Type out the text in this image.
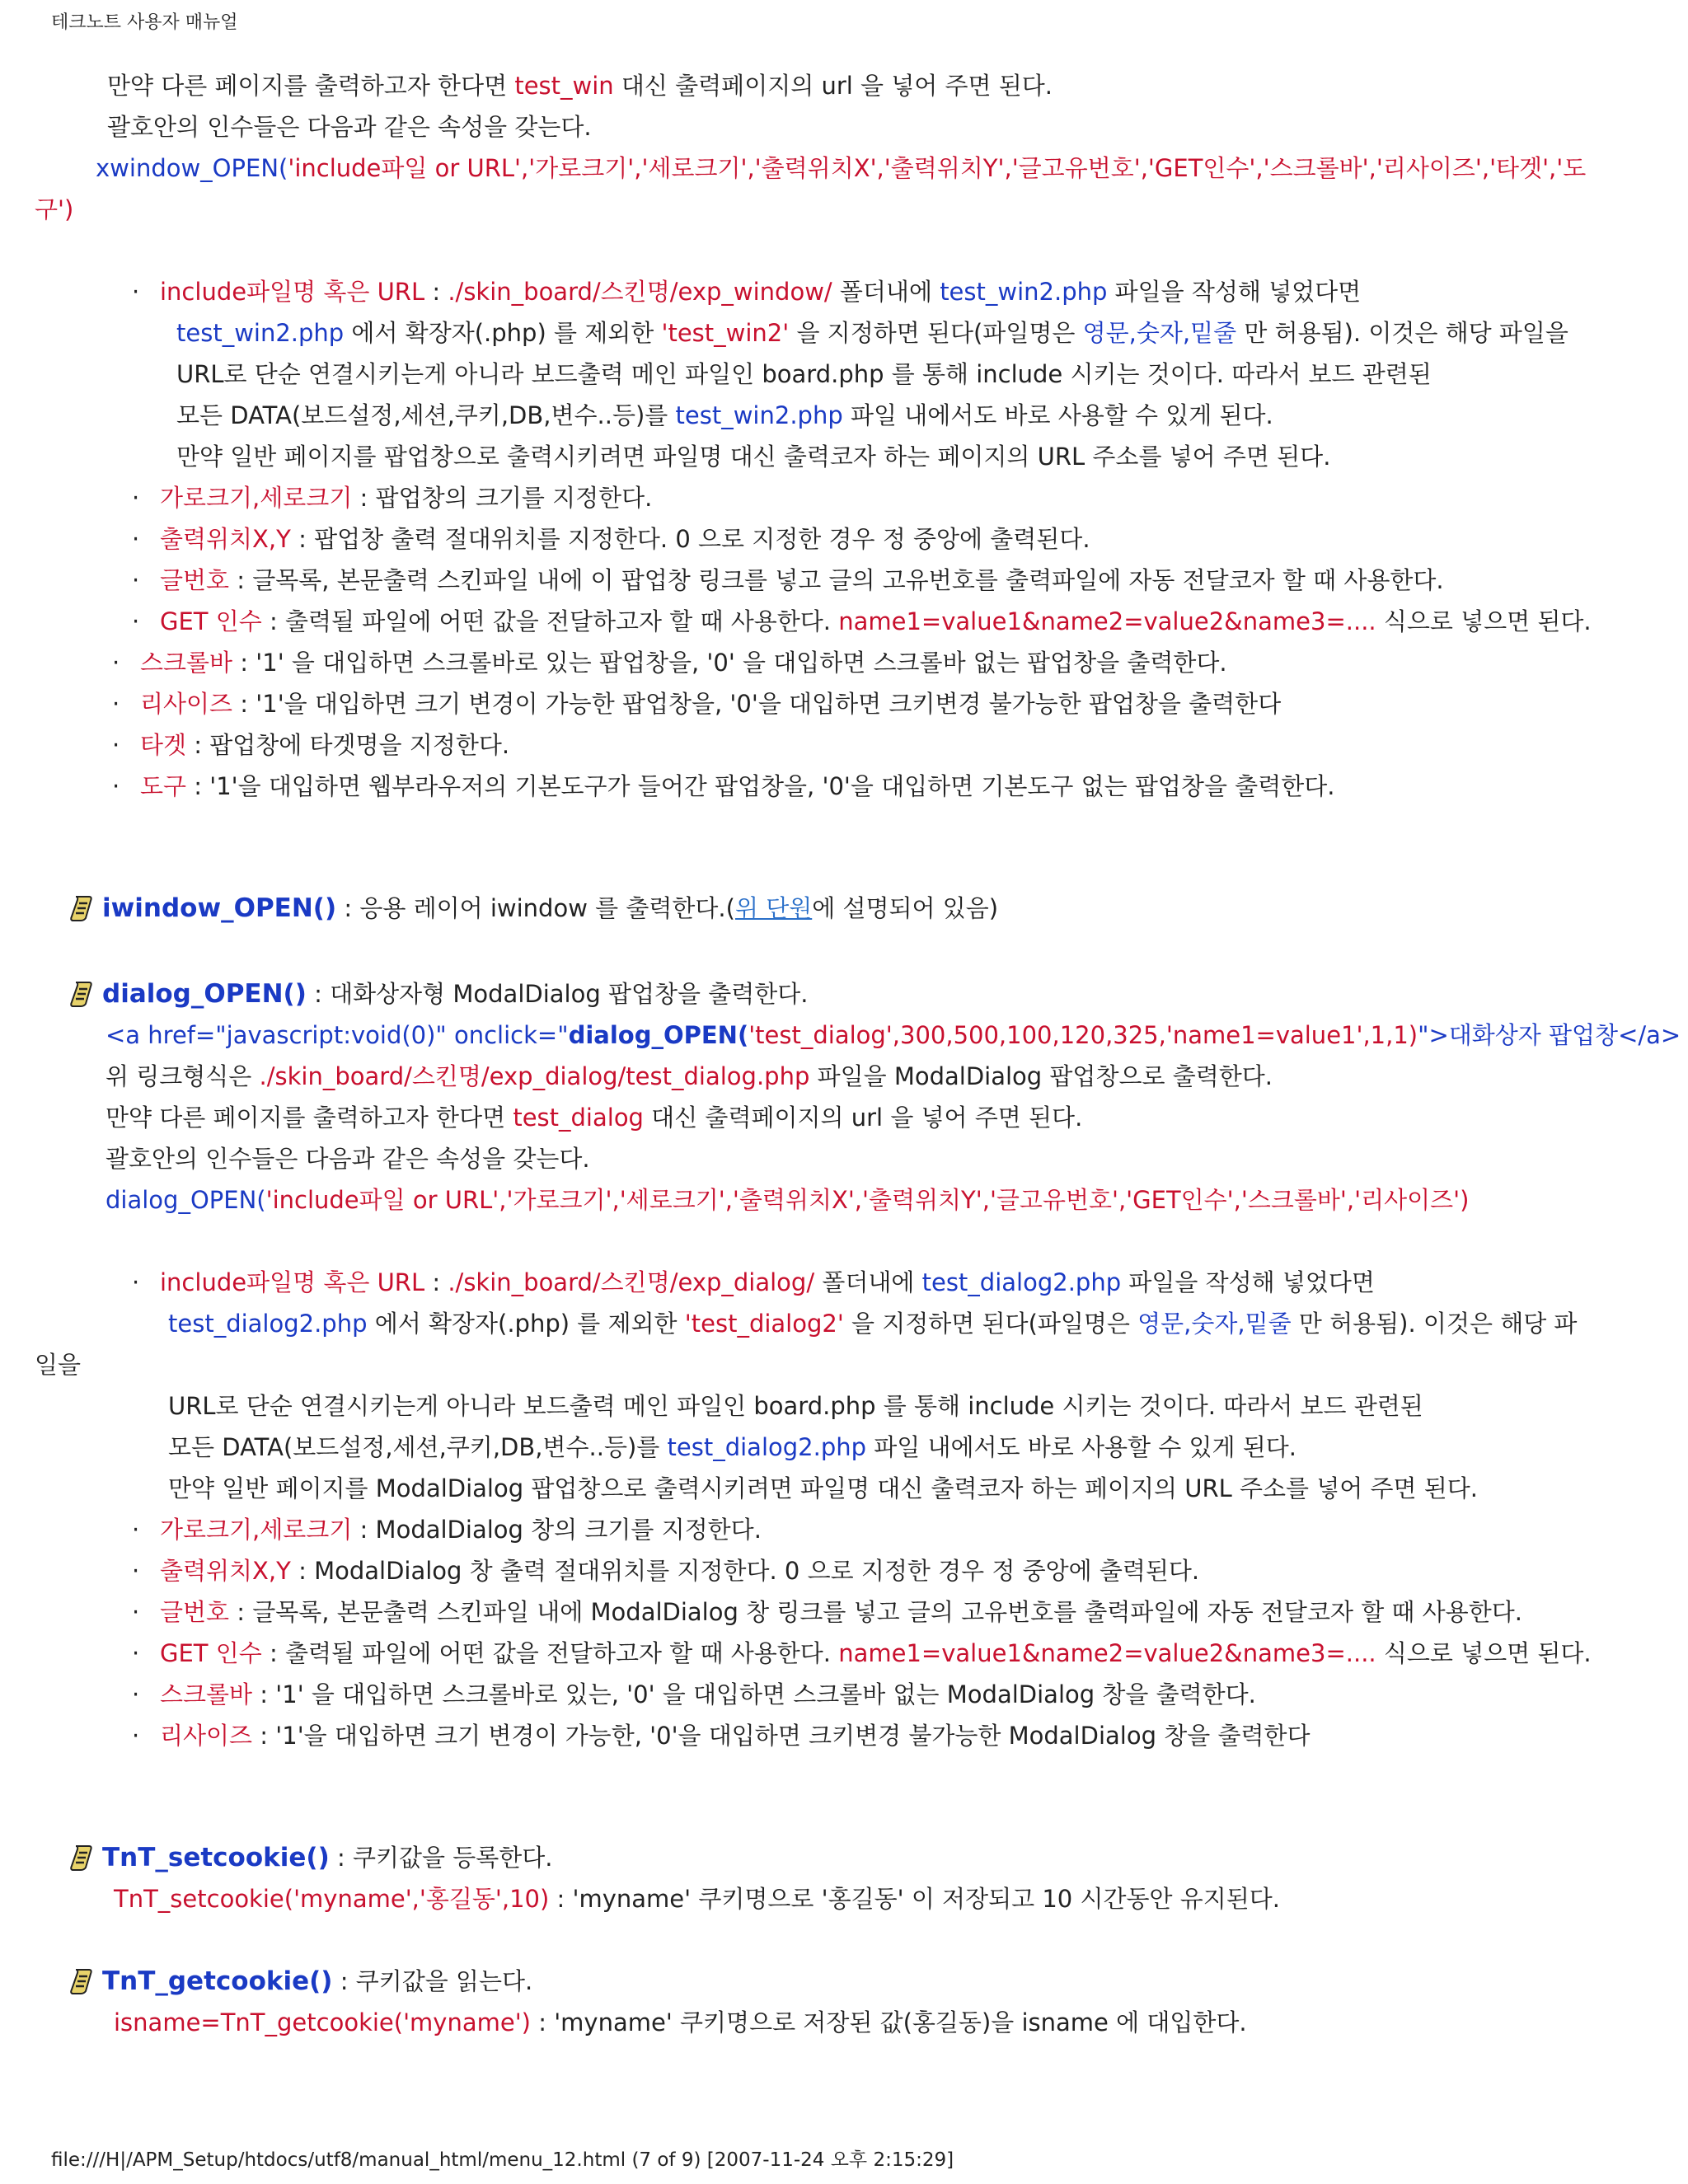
테크노트 사용자 매뉴얼
만약 다른 페이지를 출력하고자 한다면 test_win 대신 출력페이지의 url 을 넣어 주면 된다.
괄호안의 인수들은 다음과 같은 속성을 갖는다.
xwindow_OPEN('include파일 or URL','가로크기','세로크기','출력위치X','출력위치Y','글고유번호','GET인수','스크롤바','리사이즈','타겟','도
구')
· include파일명 혹은 URL : ./skin_board/스킨명/exp_window/ 폴더내에 test_win2.php 파일을 작성해 넣었다면
test_win2.php 에서 확장자(.php) 를 제외한 'test_win2' 을 지정하면 된다(파일명은 영문,숫자,밑줄 만 허용됨). 이것은 해당 파일을
URL로 단순 연결시키는게 아니라 보드출력 메인 파일인 board.php 를 통해 include 시키는 것이다. 따라서 보드 관련된
모든 DATA(보드설정,세션,쿠키,DB,변수..등)를 test_win2.php 파일 내에서도 바로 사용할 수 있게 된다.
만약 일반 페이지를 팝업창으로 출력시키려면 파일명 대신 출력코자 하는 페이지의 URL 주소를 넣어 주면 된다.
· 가로크기,세로크기 : 팝업창의 크기를 지정한다.
· 출력위치X,Y : 팝업창 출력 절대위치를 지정한다. 0 으로 지정한 경우 정 중앙에 출력된다.
· 글번호 : 글목록, 본문출력 스킨파일 내에 이 팝업창 링크를 넣고 글의 고유번호를 출력파일에 자동 전달코자 할 때 사용한다.
· GET 인수 : 출력될 파일에 어떤 값을 전달하고자 할 때 사용한다. name1=value1&name2=value2&name3=.... 식으로 넣으면 된다.
· 스크롤바 : '1' 을 대입하면 스크롤바로 있는 팝업창을, '0' 을 대입하면 스크롤바 없는 팝업창을 출력한다.
· 리사이즈 : '1'을 대입하면 크기 변경이 가능한 팝업창을, '0'을 대입하면 크키변경 불가능한 팝업창을 출력한다
· 타겟 : 팝업창에 타겟명을 지정한다.
· 도구 : '1'을 대입하면 웹부라우저의 기본도구가 들어간 팝업창을, '0'을 대입하면 기본도구 없는 팝업창을 출력한다.
iwindow_OPEN() : 응용 레이어 iwindow 를 출력한다.(위 단원에 설명되어 있음)
dialog_OPEN() : 대화상자형 ModalDialog 팝업창을 출력한다.
<a href="javascript:void(0)" onclick="dialog_OPEN('test_dialog',300,500,100,120,325,'name1=value1',1,1)">대화상자 팝업창</a>
위 링크형식은 ./skin_board/스킨명/exp_dialog/test_dialog.php 파일을 ModalDialog 팝업창으로 출력한다.
만약 다른 페이지를 출력하고자 한다면 test_dialog 대신 출력페이지의 url 을 넣어 주면 된다.
괄호안의 인수들은 다음과 같은 속성을 갖는다.
dialog_OPEN('include파일 or URL','가로크기','세로크기','출력위치X','출력위치Y','글고유번호','GET인수','스크롤바','리사이즈')
· include파일명 혹은 URL : ./skin_board/스킨명/exp_dialog/ 폴더내에 test_dialog2.php 파일을 작성해 넣었다면
test_dialog2.php 에서 확장자(.php) 를 제외한 'test_dialog2' 을 지정하면 된다(파일명은 영문,숫자,밑줄 만 허용됨). 이것은 해당 파
일을
URL로 단순 연결시키는게 아니라 보드출력 메인 파일인 board.php 를 통해 include 시키는 것이다. 따라서 보드 관련된
모든 DATA(보드설정,세션,쿠키,DB,변수..등)를 test_dialog2.php 파일 내에서도 바로 사용할 수 있게 된다.
만약 일반 페이지를 ModalDialog 팝업창으로 출력시키려면 파일명 대신 출력코자 하는 페이지의 URL 주소를 넣어 주면 된다.
· 가로크기,세로크기 : ModalDialog 창의 크기를 지정한다.
· 출력위치X,Y : ModalDialog 창 출력 절대위치를 지정한다. 0 으로 지정한 경우 정 중앙에 출력된다.
· 글번호 : 글목록, 본문출력 스킨파일 내에 ModalDialog 창 링크를 넣고 글의 고유번호를 출력파일에 자동 전달코자 할 때 사용한다.
· GET 인수 : 출력될 파일에 어떤 값을 전달하고자 할 때 사용한다. name1=value1&name2=value2&name3=.... 식으로 넣으면 된다.
· 스크롤바 : '1' 을 대입하면 스크롤바로 있는, '0' 을 대입하면 스크롤바 없는 ModalDialog 창을 출력한다.
· 리사이즈 : '1'을 대입하면 크기 변경이 가능한, '0'을 대입하면 크키변경 불가능한 ModalDialog 창을 출력한다
TnT_setcookie() : 쿠키값을 등록한다.
TnT_setcookie('myname','홍길동',10) : 'myname' 쿠키명으로 '홍길동' 이 저장되고 10 시간동안 유지된다.
TnT_getcookie() : 쿠키값을 읽는다.
isname=TnT_getcookie('myname') : 'myname' 쿠키명으로 저장된 값(홍길동)을 isname 에 대입한다.
file:///H|/APM_Setup/htdocs/utf8/manual_html/menu_12.html (7 of 9) [2007-11-24 오후 2:15:29]
